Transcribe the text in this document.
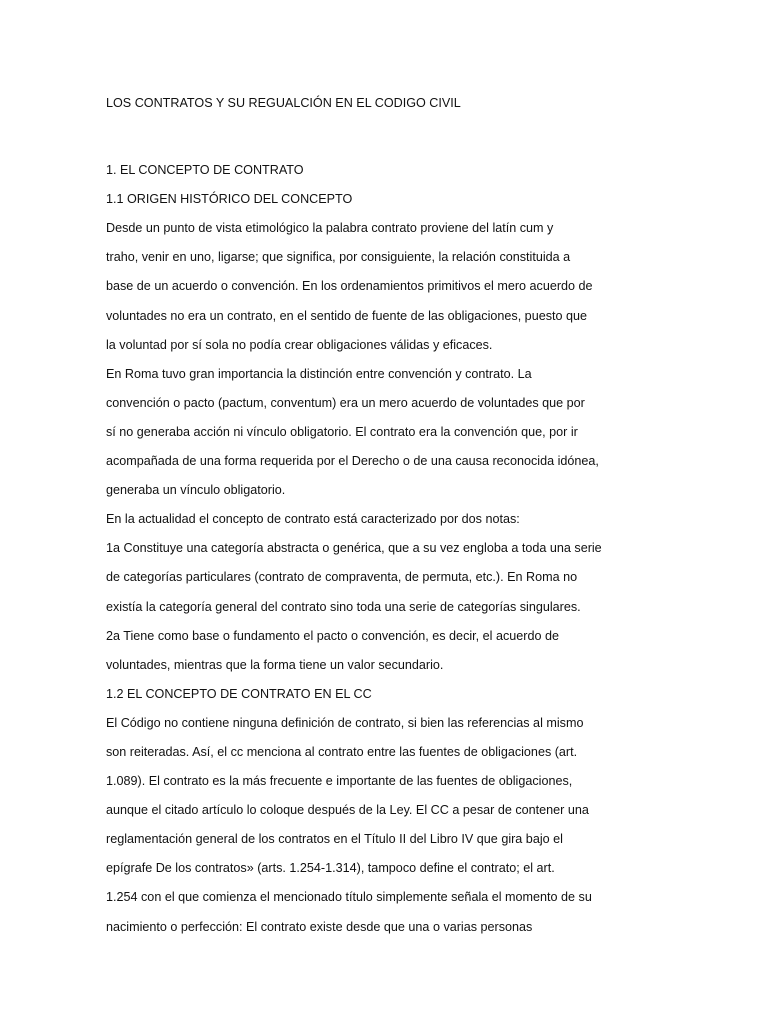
LOS CONTRATOS Y SU REGUALCIÓN EN EL CODIGO CIVIL
1. EL CONCEPTO DE CONTRATO
1.1 ORIGEN HISTÓRICO DEL CONCEPTO
Desde un punto de vista etimológico la palabra contrato proviene del latín cum y
traho, venir en uno, ligarse; que significa, por consiguiente, la relación constituida a
base de un acuerdo o convención. En los ordenamientos primitivos el mero acuerdo de
voluntades no era un contrato, en el sentido de fuente de las obligaciones, puesto que
la voluntad por sí sola no podía crear obligaciones válidas y eficaces.
En Roma tuvo gran importancia la distinción entre convención y contrato. La
convención o pacto (pactum, conventum) era un mero acuerdo de voluntades que por
sí no generaba acción ni vínculo obligatorio. El contrato era la convención que, por ir
acompañada de una forma requerida por el Derecho o de una causa reconocida idónea,
generaba un vínculo obligatorio.
En la actualidad el concepto de contrato está caracterizado por dos notas:
1a Constituye una categoría abstracta o genérica, que a su vez engloba a toda una serie
de categorías particulares (contrato de compraventa, de permuta, etc.). En Roma no
existía la categoría general del contrato sino toda una serie de categorías singulares.
2a Tiene como base o fundamento el pacto o convención, es decir, el acuerdo de
voluntades, mientras que la forma tiene un valor secundario.
1.2 EL CONCEPTO DE CONTRATO EN EL CC
El Código no contiene ninguna definición de contrato, si bien las referencias al mismo
son reiteradas. Así, el cc menciona al contrato entre las fuentes de obligaciones (art.
1.089). El contrato es la más frecuente e importante de las fuentes de obligaciones,
aunque el citado artículo lo coloque después de la Ley. El CC a pesar de contener una
reglamentación general de los contratos en el Título II del Libro IV que gira bajo el
epígrafe De los contratos» (arts. 1.254-1.314), tampoco define el contrato; el art.
1.254 con el que comienza el mencionado título simplemente señala el momento de su
nacimiento o perfección: El contrato existe desde que una o varias personas
